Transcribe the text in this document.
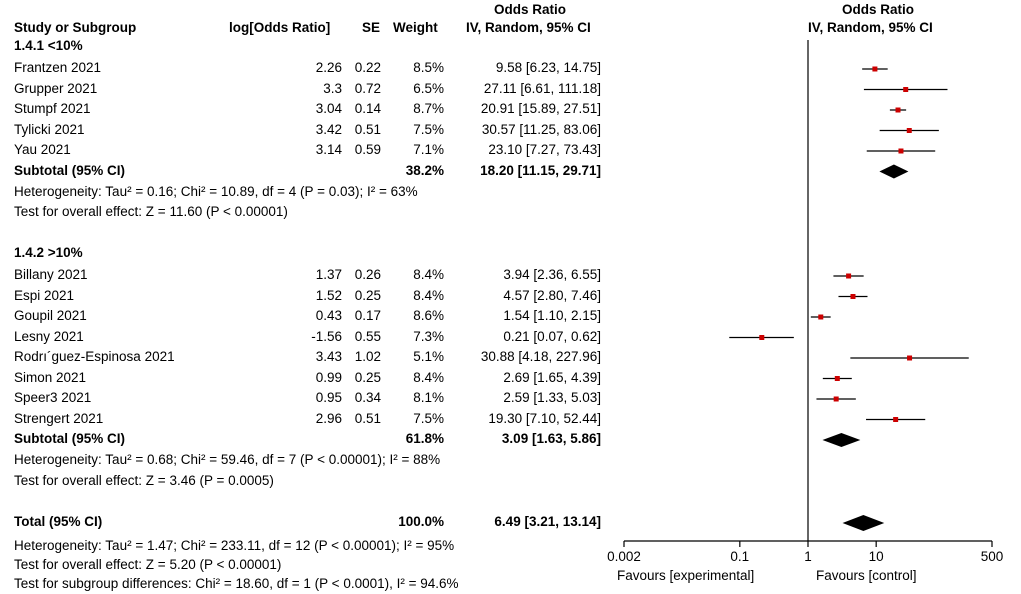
Study or Subgroup	log[Odds Ratio] SE Weight
Odds Ratio
IV, Random, 95% CI
Odds Ratio
IV, Random, 95% CI
1.4.1 <10%
Frantzen 2021	2.26 0.22 8.5%	9.58 [6.23, 14.75]
Grupper 2021	3.3 0.72 6.5%	27.11 [6.61, 111.18]
Stumpf 2021	3.04 0.14 8.7%	20.91 [15.89, 27.51]
Tylicki 2021	3.42 0.51 7.5%	30.57 [11.25, 83.06]
Yau 2021	3.14 0.59 7.1%	23.10 [7.27, 73.43]
Subtotal (95% CI)	38.2%	18.20 [11.15, 29.71]
Heterogeneity: Tau² = 0.16; Chi² = 10.89, df = 4 (P = 0.03); I² = 63%
Test for overall effect: Z = 11.60 (P < 0.00001)
1.4.2 >10%
Billany 2021	1.37 0.26 8.4%	3.94 [2.36, 6.55]
Espi 2021	1.52 0.25 8.4%	4.57 [2.80, 7.46]
Goupil 2021	0.43 0.17 8.6%	1.54 [1.10, 2.15]
Lesny 2021	-1.56 0.55 7.3%	0.21 [0.07, 0.62]
Rodrı´guez-Espinosa 2021	3.43 1.02 5.1%	30.88 [4.18, 227.96]
Simon 2021	0.99 0.25 8.4%	2.69 [1.65, 4.39]
Speer3 2021	0.95 0.34 8.1%	2.59 [1.33, 5.03]
Strengert 2021	2.96 0.51 7.5%	19.30 [7.10, 52.44]
Subtotal (95% CI)	61.8%	3.09 [1.63, 5.86]
Heterogeneity: Tau² = 0.68; Chi² = 59.46, df = 7 (P < 0.00001); I² = 88%
Test for overall effect: Z = 3.46 (P = 0.0005)
Total (95% CI)	100.0%	6.49 [3.21, 13.14]
Heterogeneity: Tau² = 1.47; Chi² = 233.11, df = 12 (P < 0.00001); I² = 95%
Test for overall effect: Z = 5.20 (P < 0.00001)
Test for subgroup differences: Chi² = 18.60, df = 1 (P < 0.0001), I² = 94.6%
0.002	0.1	1	10	500
Favours [experimental]	Favours [control]
